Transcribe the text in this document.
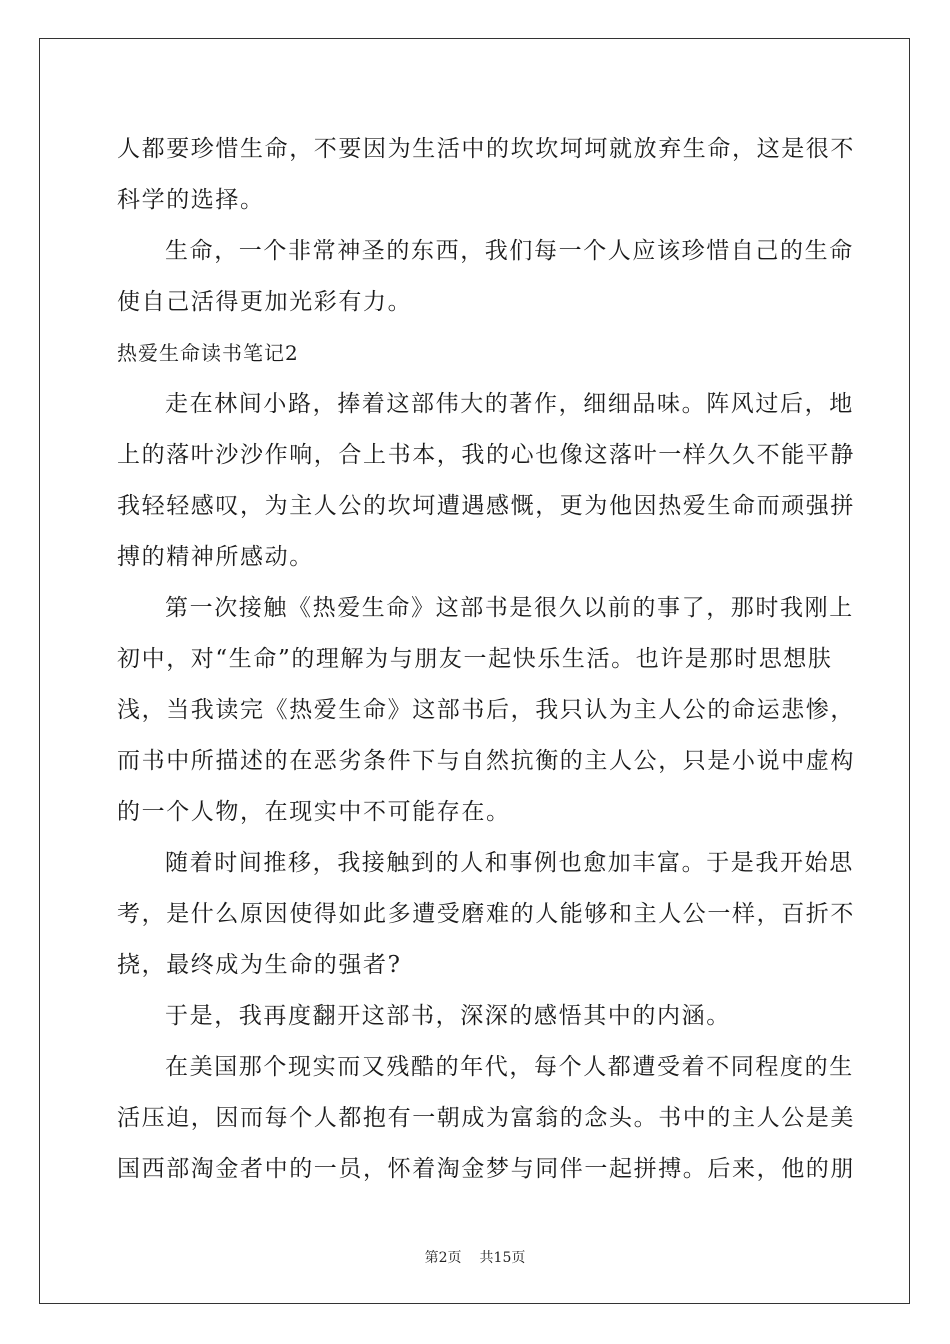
人都要珍惜生命，不要因为生活中的坎坎坷坷就放弃生命，这是很不
科学的选择。
生命，一个非常神圣的东西，我们每一个人应该珍惜自己的生命
使自己活得更加光彩有力。
热爱生命读书笔记2
走在林间小路，捧着这部伟大的著作，细细品味。阵风过后，地
上的落叶沙沙作响，合上书本，我的心也像这落叶一样久久不能平静
我轻轻感叹，为主人公的坎坷遭遇感慨，更为他因热爱生命而顽强拼
搏的精神所感动。
第一次接触《热爱生命》这部书是很久以前的事了，那时我刚上
初中，对“生命”的理解为与朋友一起快乐生活。也许是那时思想肤
浅，当我读完《热爱生命》这部书后，我只认为主人公的命运悲惨，
而书中所描述的在恶劣条件下与自然抗衡的主人公，只是小说中虚构
的一个人物，在现实中不可能存在。
随着时间推移，我接触到的人和事例也愈加丰富。于是我开始思
考，是什么原因使得如此多遭受磨难的人能够和主人公一样，百折不
挠，最终成为生命的强者?
于是，我再度翻开这部书，深深的感悟其中的内涵。
在美国那个现实而又残酷的年代，每个人都遭受着不同程度的生
活压迫，因而每个人都抱有一朝成为富翁的念头。书中的主人公是美
国西部淘金者中的一员，怀着淘金梦与同伴一起拼搏。后来，他的朋
第2页 共15页
